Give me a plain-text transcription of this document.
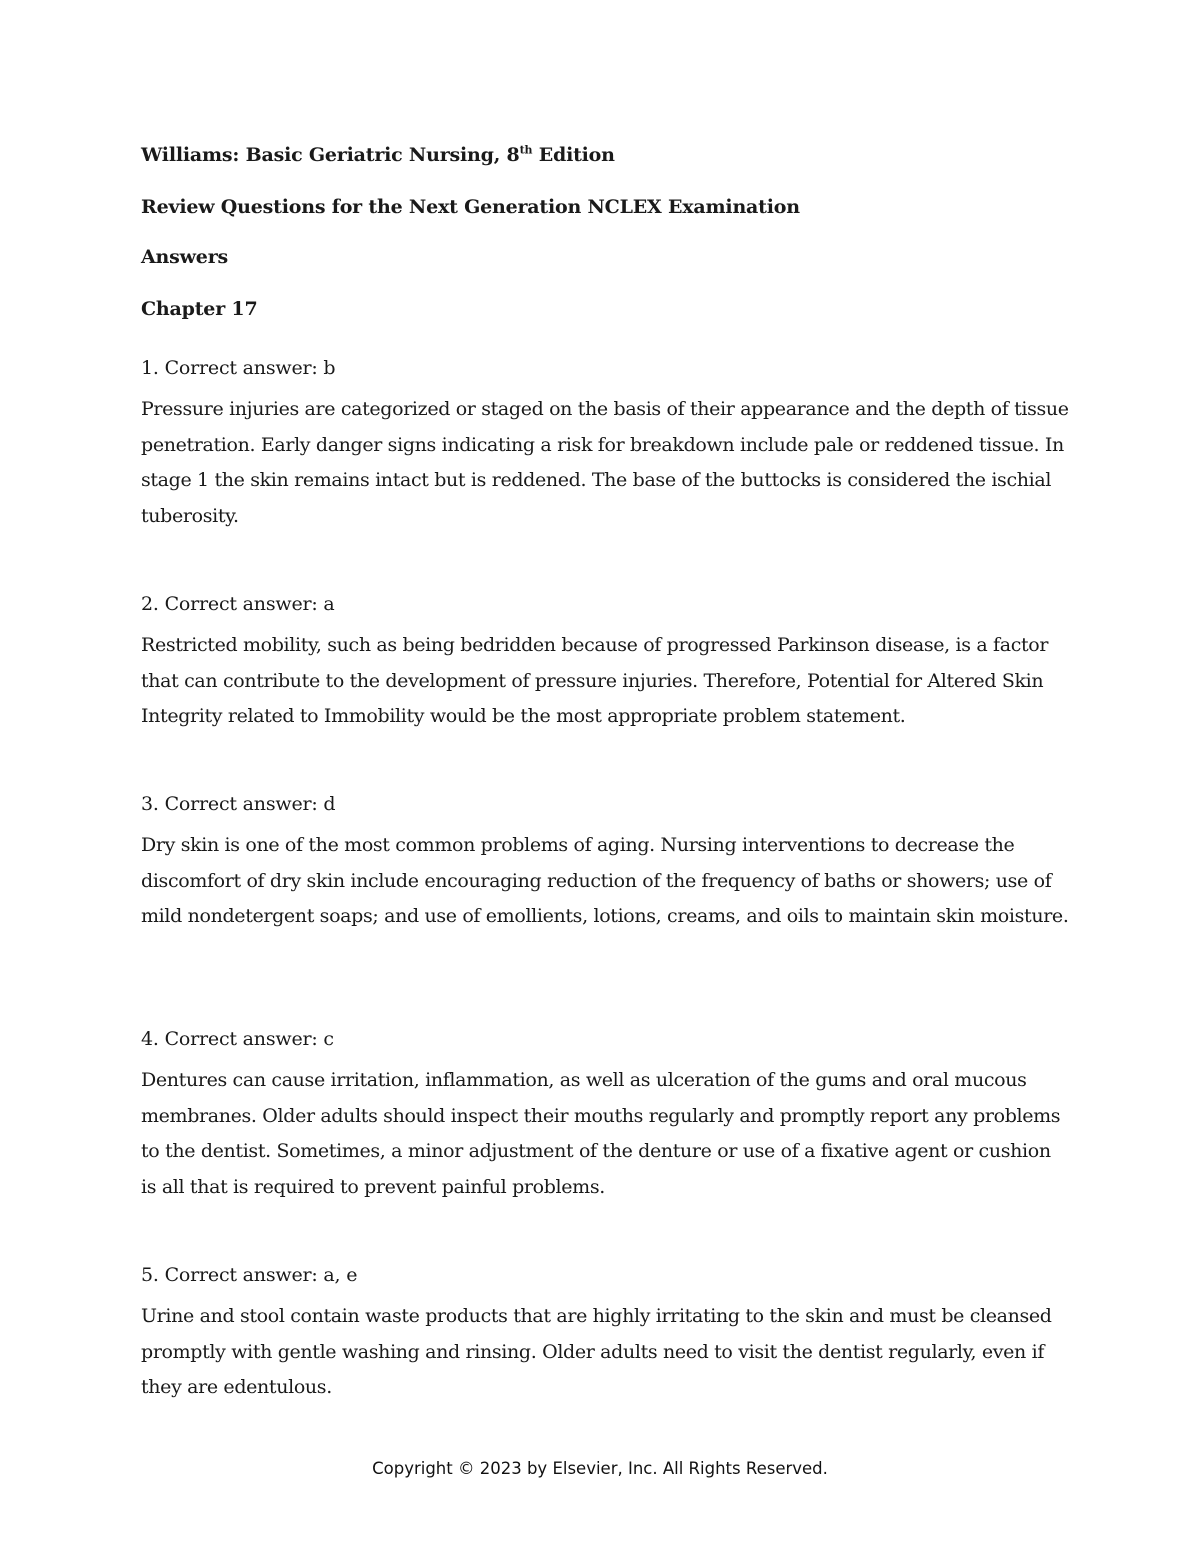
Williams: Basic Geriatric Nursing, 8th Edition
Review Questions for the Next Generation NCLEX Examination
Answers
Chapter 17

1. Correct answer: b

Pressure injuries are categorized or staged on the basis of their appearance and the depth of tissue penetration. Early danger signs indicating a risk for breakdown include pale or reddened tissue. In stage 1 the skin remains intact but is reddened. The base of the buttocks is considered the ischial tuberosity.

2. Correct answer: a

Restricted mobility, such as being bedridden because of progressed Parkinson disease, is a factor that can contribute to the development of pressure injuries. Therefore, Potential for Altered Skin Integrity related to Immobility would be the most appropriate problem statement.

3. Correct answer: d

Dry skin is one of the most common problems of aging. Nursing interventions to decrease the discomfort of dry skin include encouraging reduction of the frequency of baths or showers; use of mild nondetergent soaps; and use of emollients, lotions, creams, and oils to maintain skin moisture.

4. Correct answer: c

Dentures can cause irritation, inflammation, as well as ulceration of the gums and oral mucous membranes. Older adults should inspect their mouths regularly and promptly report any problems to the dentist. Sometimes, a minor adjustment of the denture or use of a fixative agent or cushion is all that is required to prevent painful problems.

5. Correct answer: a, e

Urine and stool contain waste products that are highly irritating to the skin and must be cleansed promptly with gentle washing and rinsing. Older adults need to visit the dentist regularly, even if they are edentulous.

Copyright © 2023 by Elsevier, Inc. All Rights Reserved.
